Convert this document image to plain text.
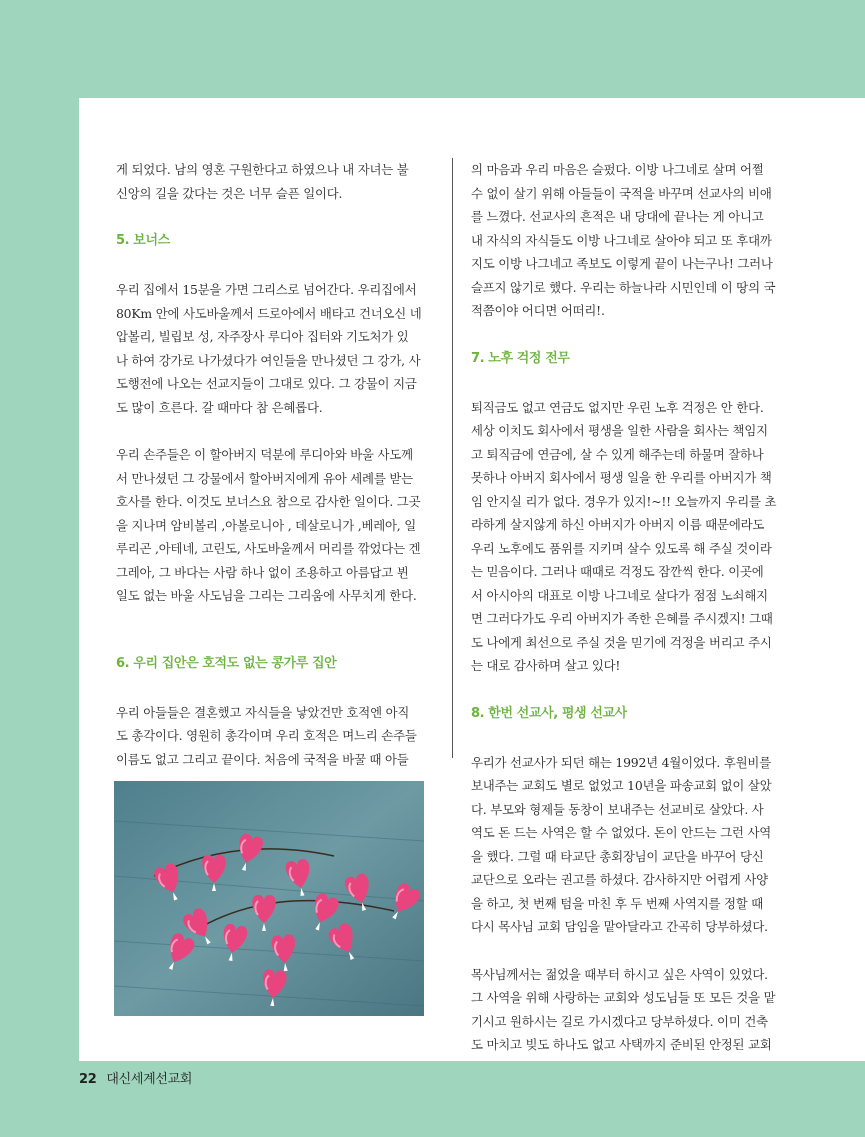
게 되었다. 남의 영혼 구원한다고 하였으나 내 자녀는 불
신앙의 길을 갔다는 것은 너무 슬픈 일이다.

5. 보너스

우리 집에서 15분을 가면 그리스로 넘어간다. 우리집에서
80Km 안에 사도바울께서 드로아에서 배타고 건너오신 네
압볼리, 빌립보 성, 자주장사 루디아 집터와 기도처가 있
나 하여 강가로 나가셨다가 여인들을 만나셨던 그 강가, 사
도행전에 나오는 선교지들이 그대로 있다. 그 강물이 지금
도 많이 흐른다. 갈 때마다 참 은혜롭다.

우리 손주들은 이 할아버지 덕분에 루디아와 바울 사도께
서 만나셨던 그 강물에서 할아버지에게 유아 세례를 받는
호사를 한다. 이것도 보너스요 참으로 감사한 일이다. 그곳
을 지나며 암비볼리 ,아볼로니아 , 데살로니가 ,베레아, 일
루리곤 ,아테네, 고린도, 사도바울께서 머리를 깎었다는 겐
그레아, 그 바다는 사람 하나 없이 조용하고 아름답고 뷘
일도 없는 바울 사도님을 그리는 그리움에 사무치게 한다.

6. 우리 집안은 호적도 없는 콩가루 집안

우리 아들들은 결혼했고 자식들을 낳았건만 호적엔 아직
도 총각이다. 영원히 총각이며 우리 호적은 며느리 손주들
이름도 없고 그리고 끝이다. 처음에 국적을 바꿀 때 아들

의 마음과 우리 마음은 슬펐다. 이방 나그네로 살며 어쩔
수 없이 살기 위해 아들들이 국적을 바꾸며 선교사의 비애
를 느꼈다. 선교사의 흔적은 내 당대에 끝나는 게 아니고
내 자식의 자식들도 이방 나그네로 살아야 되고 또 후대까
지도 이방 나그네고 족보도 이렇게 끝이 나는구나! 그러나
슬프지 않기로 했다. 우리는 하늘나라 시민인데 이 땅의 국
적쯤이야 어디면 어떠리!.

7. 노후 걱정 전무

퇴직금도 없고 연금도 없지만 우린 노후 걱정은 안 한다.
세상 이치도 회사에서 평생을 일한 사람을 회사는 책임지
고 퇴직금에 연금에, 살 수 있게 해주는데 하물며 잘하나
못하나 아버지 회사에서 평생 일을 한 우리를 아버지가 책
임 안지실 리가 없다. 경우가 있지!~!! 오늘까지 우리를 초
라하게 살지않게 하신 아버지가 아버지 이름 때문에라도
우리 노후에도 품위를 지키며 살수 있도록 해 주실 것이라
는 믿음이다. 그러나 때때로 걱정도 잠깐씩 한다. 이곳에
서 아시아의 대표로 이방 나그네로 살다가 점점 노쇠해지
면 그러다가도 우리 아버지가 족한 은혜를 주시겠지! 그때
도 나에게 최선으로 주실 것을 믿기에 걱정을 버리고 주시
는 대로 감사하며 살고 있다!

8. 한번 선교사, 평생 선교사

우리가 선교사가 되던 해는 1992년 4월이었다. 후원비를
보내주는 교회도 별로 없었고 10년을 파송교회 없이 살았
다. 부모와 형제들 동창이 보내주는 선교비로 살았다. 사
역도 돈 드는 사역은 할 수 없었다. 돈이 안드는 그런 사역
을 했다. 그럴 때 타교단 총회장님이 교단을 바꾸어 당신
교단으로 오라는 권고를 하셨다. 감사하지만 어렵게 사양
을 하고, 첫 번째 텀을 마친 후 두 번째 사역지를 정할 때
다시 목사님 교회 담임을 맡아달라고 간곡히 당부하셨다.

목사님께서는 젊었을 때부터 하시고 싶은 사역이 있었다.
그 사역을 위해 사랑하는 교회와 성도님들 또 모든 것을 맡
기시고 원하시는 길로 가시겠다고 당부하셨다. 이미 건축
도 마치고 빚도 하나도 없고 사택까지 준비된 안정된 교회

22 대신세계선교회
